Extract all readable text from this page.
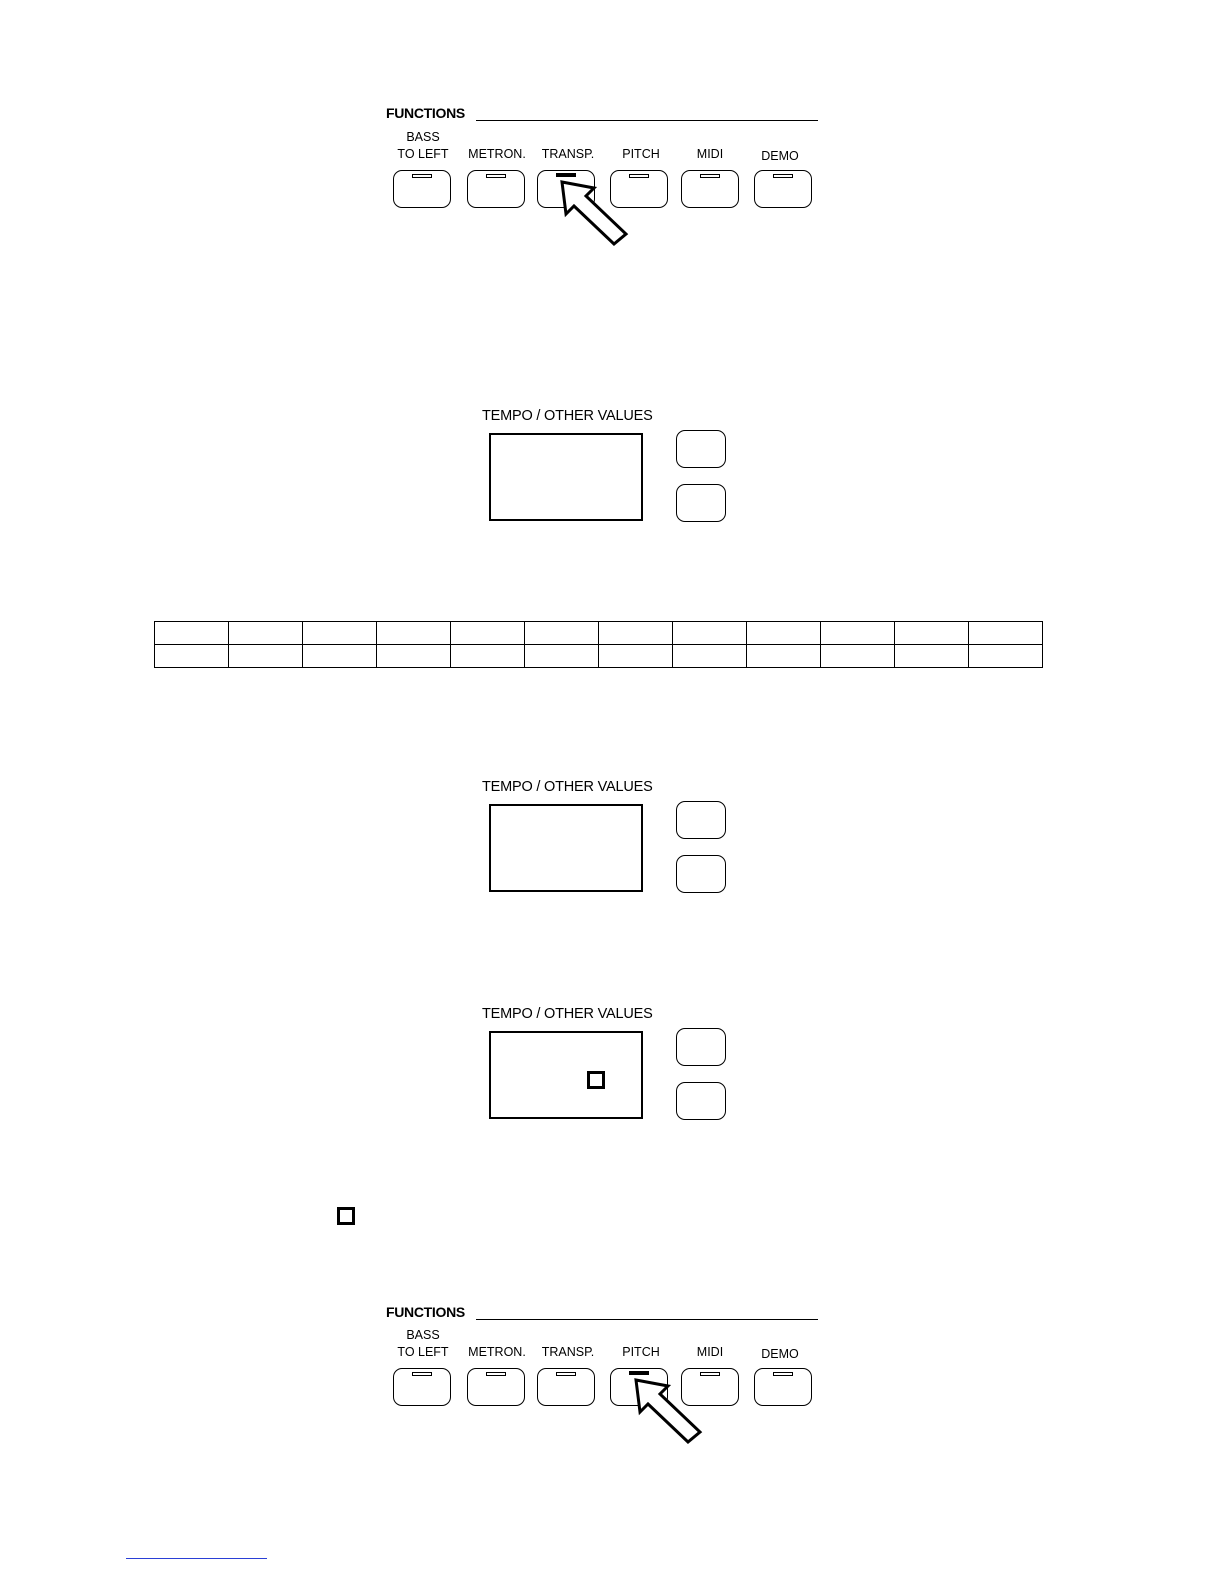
FUNCTIONS
BASS
TO LEFT	METRON.	TRANSP.	PITCH	MIDI	DEMO
TEMPO / OTHER VALUES

TEMPO / OTHER VALUES
TEMPO / OTHER VALUES
FUNCTIONS
BASS
TO LEFT	METRON.	TRANSP.	PITCH	MIDI	DEMO
